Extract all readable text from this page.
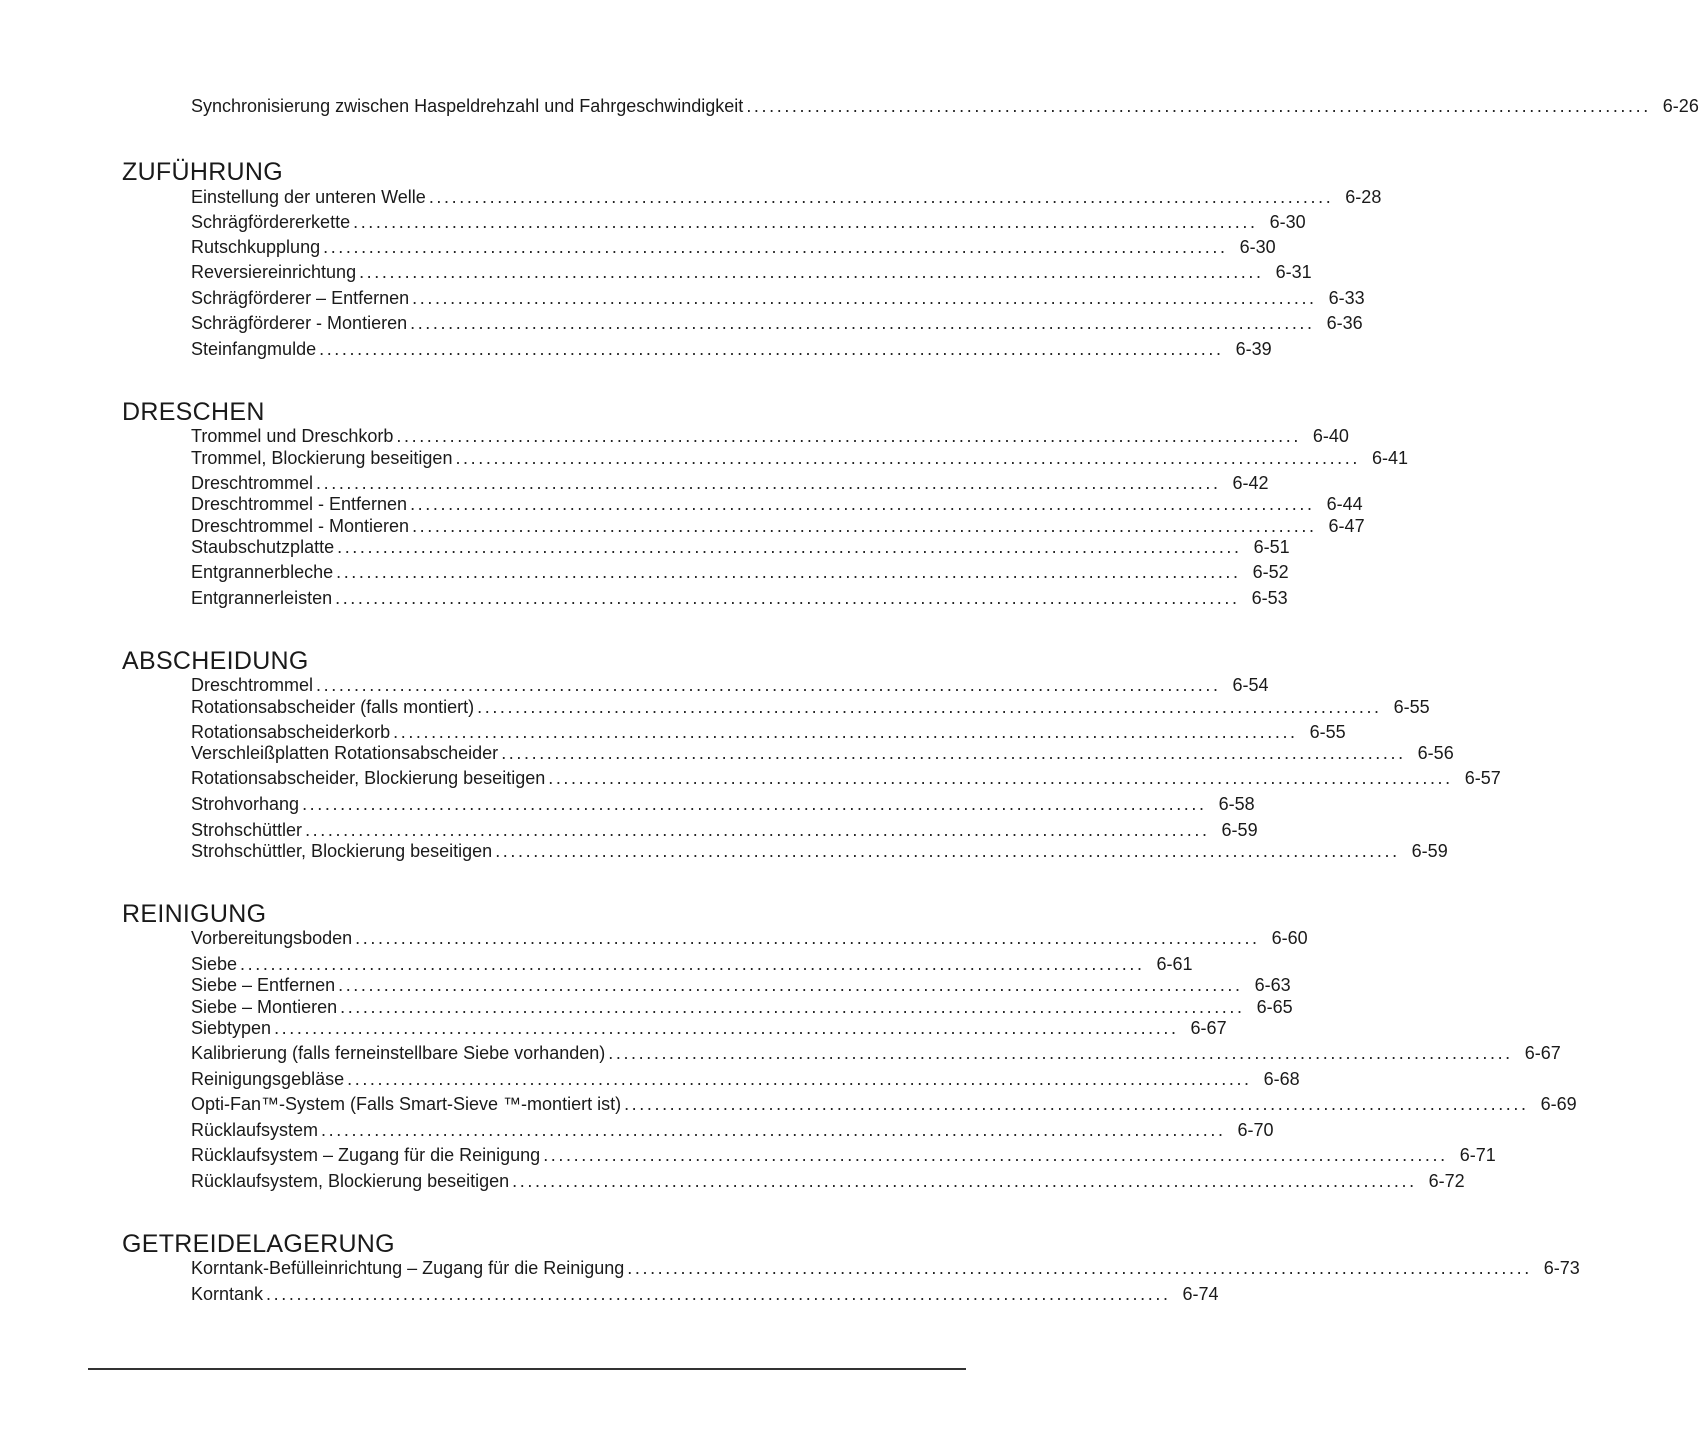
Synchronisierung zwischen Haspeldrehzahl und Fahrgeschwindigkeit ....................................................................................................................... 6-26
ZUFÜHRUNG
Einstellung der unteren Welle ....................................................................................................................... 6-28
Schrägfördererkette ....................................................................................................................... 6-30
Rutschkupplung ....................................................................................................................... 6-30
Reversiereinrichtung ....................................................................................................................... 6-31
Schrägförderer – Entfernen ....................................................................................................................... 6-33
Schrägförderer - Montieren ....................................................................................................................... 6-36
Steinfangmulde ....................................................................................................................... 6-39
DRESCHEN
Trommel und Dreschkorb ....................................................................................................................... 6-40
Trommel, Blockierung beseitigen ....................................................................................................................... 6-41
Dreschtrommel ....................................................................................................................... 6-42
Dreschtrommel - Entfernen ....................................................................................................................... 6-44
Dreschtrommel - Montieren ....................................................................................................................... 6-47
Staubschutzplatte ....................................................................................................................... 6-51
Entgrannerbleche ....................................................................................................................... 6-52
Entgrannerleisten ....................................................................................................................... 6-53
ABSCHEIDUNG
Dreschtrommel ....................................................................................................................... 6-54
Rotationsabscheider (falls montiert) ....................................................................................................................... 6-55
Rotationsabscheiderkorb ....................................................................................................................... 6-55
Verschleißplatten Rotationsabscheider ....................................................................................................................... 6-56
Rotationsabscheider, Blockierung beseitigen ....................................................................................................................... 6-57
Strohvorhang ....................................................................................................................... 6-58
Strohschüttler ....................................................................................................................... 6-59
Strohschüttler, Blockierung beseitigen ....................................................................................................................... 6-59
REINIGUNG
Vorbereitungsboden ....................................................................................................................... 6-60
Siebe ....................................................................................................................... 6-61
Siebe – Entfernen ....................................................................................................................... 6-63
Siebe – Montieren ....................................................................................................................... 6-65
Siebtypen ....................................................................................................................... 6-67
Kalibrierung (falls ferneinstellbare Siebe vorhanden) ....................................................................................................................... 6-67
Reinigungsgebläse ....................................................................................................................... 6-68
Opti-Fan™-System (Falls Smart-Sieve ™-montiert ist) ....................................................................................................................... 6-69
Rücklaufsystem ....................................................................................................................... 6-70
Rücklaufsystem – Zugang für die Reinigung ....................................................................................................................... 6-71
Rücklaufsystem, Blockierung beseitigen ....................................................................................................................... 6-72
GETREIDELAGERUNG
Korntank-Befülleinrichtung – Zugang für die Reinigung ....................................................................................................................... 6-73
Korntank ....................................................................................................................... 6-74
